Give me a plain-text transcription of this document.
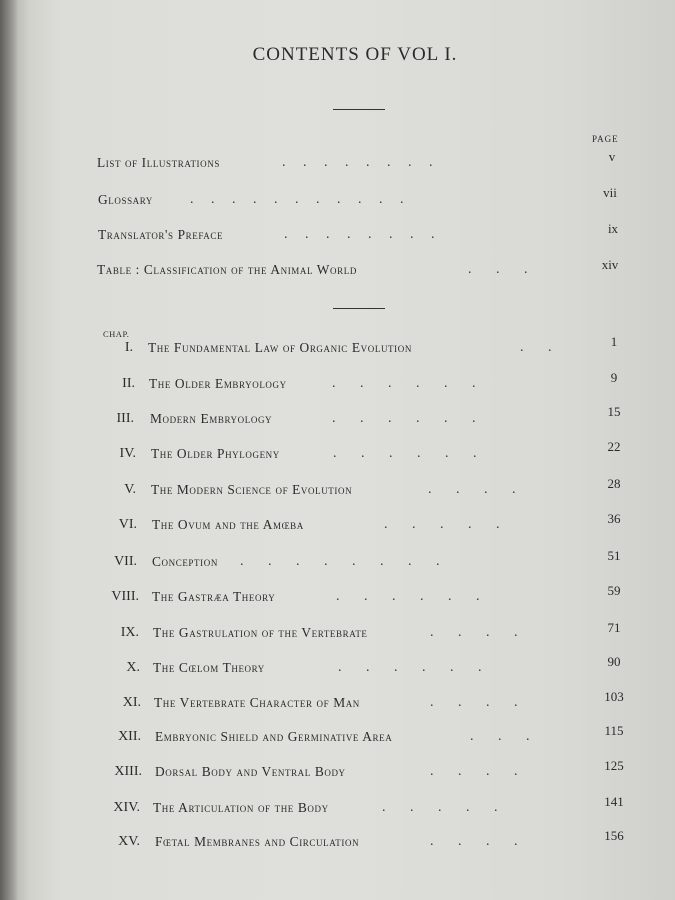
CONTENTS OF VOL I.
PAGE
List of Illustrations	.     .     .     .     .     .     .     .	v
Glossary	.     .     .     .     .     .     .     .     .     .     .	vii
Translator's Preface	.     .     .     .     .     .     .     .	ix
Table : Classification of the Animal World	.       .       .	xiv
CHAP.
I. The Fundamental Law of Organic Evolution	.       .	1
II. The Older Embryology	.       .       .       .       .       .	9
III. Modern Embryology	.       .       .       .       .       .	15
IV. The Older Phylogeny	.       .       .       .       .       .	22
V. The Modern Science of Evolution	.       .       .       .	28
VI. The Ovum and the Amœba	.       .       .       .       .	36
VII. Conception .       .       .       .       .       .       .       .	51
VIII. The Gastræa Theory	.       .       .       .       .       .	59
IX. The Gastrulation of the Vertebrate	.       .       .       .	71
X. The Cœlom Theory	.       .       .       .       .       .	90
XI. The Vertebrate Character of Man	.       .       .       .	103
XII. Embryonic Shield and Germinative Area	.       .       .	115
XIII. Dorsal Body and Ventral Body	.       .       .       .	125
XIV. The Articulation of the Body	.       .       .       .       .	141
XV. Fœtal Membranes and Circulation	.       .       .       .	156
